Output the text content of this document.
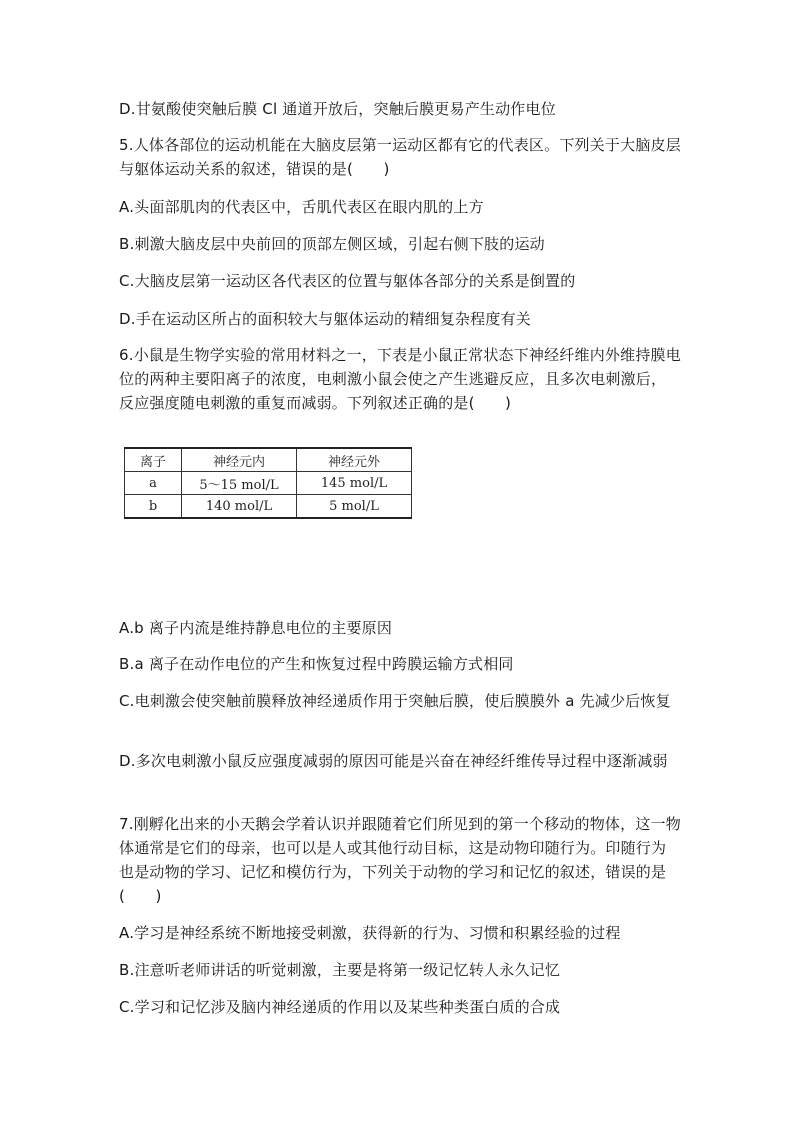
D.甘氨酸使突触后膜 Cl 通道开放后，突触后膜更易产生动作电位
5.人体各部位的运动机能在大脑皮层第一运动区都有它的代表区。下列关于大脑皮层与躯体运动关系的叙述，错误的是(　　)
A.头面部肌肉的代表区中，舌肌代表区在眼内肌的上方
B.刺激大脑皮层中央前回的顶部左侧区域，引起右侧下肢的运动
C.大脑皮层第一运动区各代表区的位置与躯体各部分的关系是倒置的
D.手在运动区所占的面积较大与躯体运动的精细复杂程度有关
6.小鼠是生物学实验的常用材料之一，下表是小鼠正常状态下神经纤维内外维持膜电位的两种主要阳离子的浓度，电刺激小鼠会使之产生逃避反应，且多次电刺激后，反应强度随电刺激的重复而减弱。下列叙述正确的是(　　)
离子	神经元内	神经元外
a	5～15 mol/L	145 mol/L
b	140 mol/L	5 mol/L
A.b 离子内流是维持静息电位的主要原因
B.a 离子在动作电位的产生和恢复过程中跨膜运输方式相同
C.电刺激会使突触前膜释放神经递质作用于突触后膜，使后膜膜外 a 先减少后恢复
D.多次电刺激小鼠反应强度减弱的原因可能是兴奋在神经纤维传导过程中逐渐减弱
7.刚孵化出来的小天鹅会学着认识并跟随着它们所见到的第一个移动的物体，这一物体通常是它们的母亲，也可以是人或其他行动目标，这是动物印随行为。印随行为也是动物的学习、记忆和模仿行为，下列关于动物的学习和记忆的叙述，错误的是(　　)
A.学习是神经系统不断地接受刺激，获得新的行为、习惯和积累经验的过程
B.注意听老师讲话的听觉刺激，主要是将第一级记忆转人永久记忆
C.学习和记忆涉及脑内神经递质的作用以及某些种类蛋白质的合成
